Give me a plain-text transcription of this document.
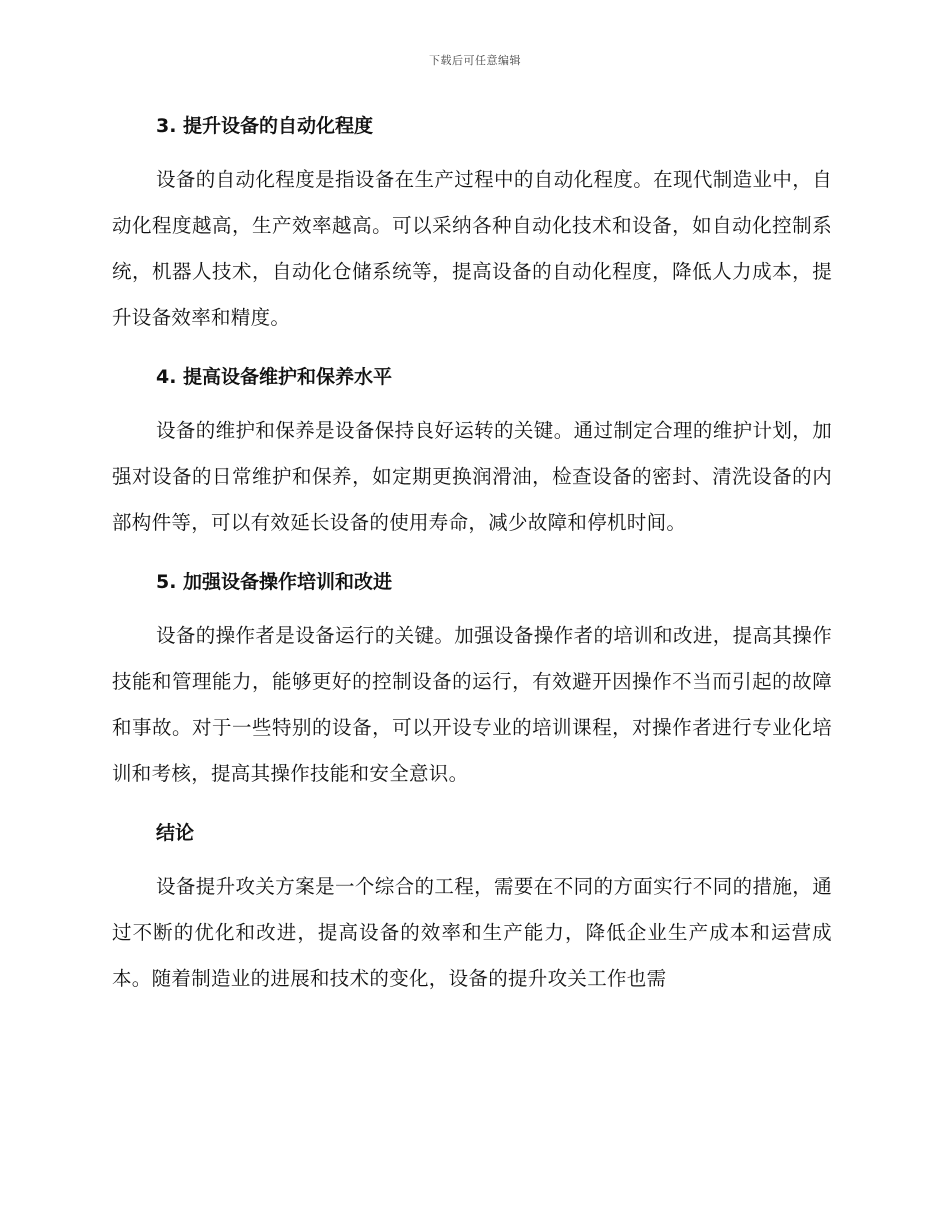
下载后可任意编辑
3. 提升设备的自动化程度

设备的自动化程度是指设备在生产过程中的自动化程度。在现代制造业中，自动化程度越高，生产效率越高。可以采纳各种自动化技术和设备，如自动化控制系统，机器人技术，自动化仓储系统等，提高设备的自动化程度，降低人力成本，提升设备效率和精度。

4. 提高设备维护和保养水平

设备的维护和保养是设备保持良好运转的关键。通过制定合理的维护计划，加强对设备的日常维护和保养，如定期更换润滑油，检查设备的密封、清洗设备的内部构件等，可以有效延长设备的使用寿命，减少故障和停机时间。

5. 加强设备操作培训和改进

设备的操作者是设备运行的关键。加强设备操作者的培训和改进，提高其操作技能和管理能力，能够更好的控制设备的运行，有效避开因操作不当而引起的故障和事故。对于一些特别的设备，可以开设专业的培训课程，对操作者进行专业化培训和考核，提高其操作技能和安全意识。

结论

设备提升攻关方案是一个综合的工程，需要在不同的方面实行不同的措施，通过不断的优化和改进，提高设备的效率和生产能力，降低企业生产成本和运营成本。随着制造业的进展和技术的变化，设备的提升攻关工作也需
